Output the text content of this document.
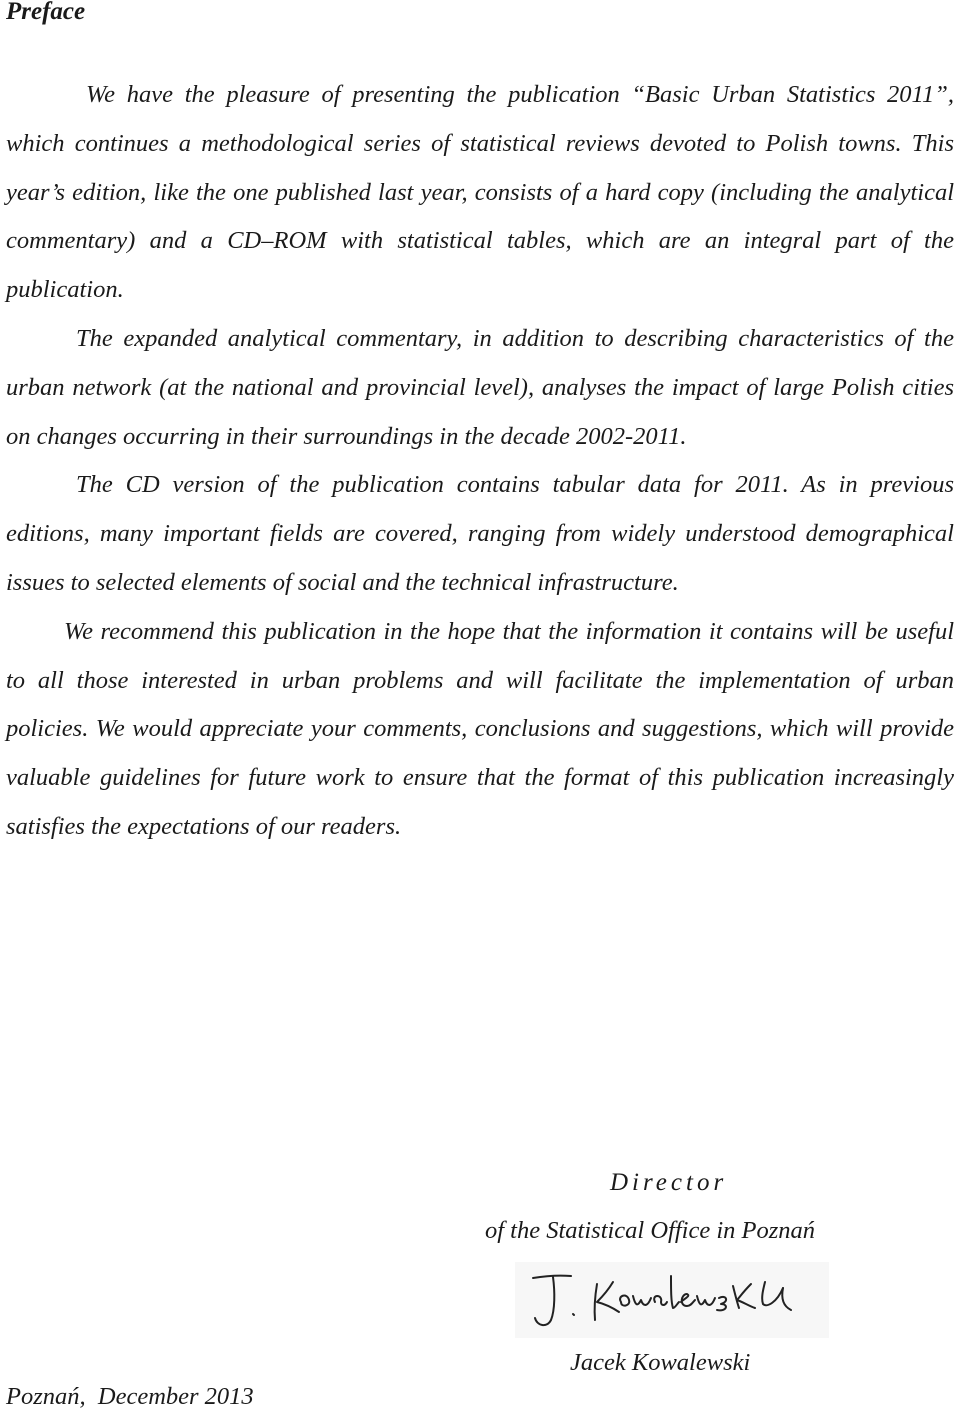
Preface

We have the pleasure of presenting the publication “Basic Urban Statistics 2011”, which continues a methodological series of statistical reviews devoted to Polish towns. This year’s edition, like the one published last year, consists of a hard copy (including the analytical commentary) and a CD–ROM with statistical tables, which are an integral part of the publication.

The expanded analytical commentary, in addition to describing characteristics of the urban network (at the national and provincial level), analyses the impact of large Polish cities on changes occurring in their surroundings in the decade 2002-2011.

The CD version of the publication contains tabular data for 2011. As in previous editions, many important fields are covered, ranging from widely understood demographical issues to selected elements of social and the technical infrastructure.

We recommend this publication in the hope that the information it contains will be useful to all those interested in urban problems and will facilitate the implementation of urban policies. We would appreciate your comments, conclusions and suggestions, which will provide valuable guidelines for future work to ensure that the format of this publication increasingly satisfies the expectations of our readers.

Director
of the Statistical Office in Poznań
Jacek Kowalewski
Poznań,  December 2013
